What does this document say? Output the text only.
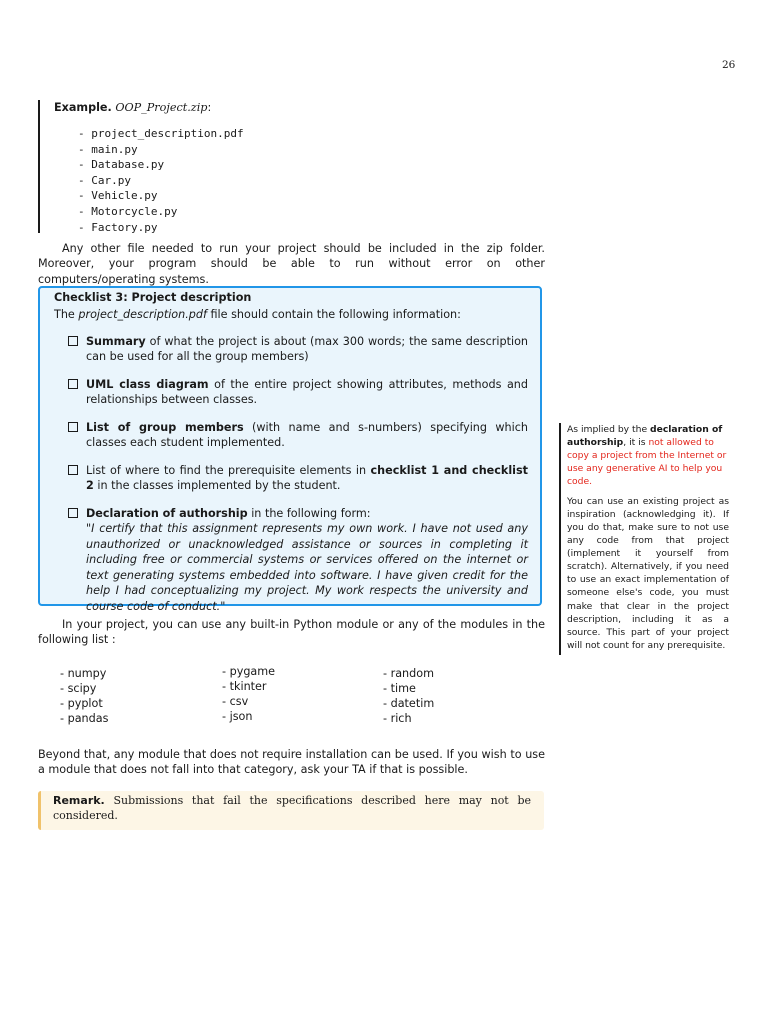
26
Example. OOP_Project.zip:
- project_description.pdf
- main.py
- Database.py
- Car.py
- Vehicle.py
- Motorcycle.py
- Factory.py
Any other file needed to run your project should be included in the zip folder. Moreover, your program should be able to run without error on other computers/operating systems.
Checklist 3: Project description
The project_description.pdf file should contain the following information:
Summary of what the project is about (max 300 words; the same description can be used for all the group members)
UML class diagram of the entire project showing attributes, methods and relationships between classes.
List of group members (with name and s-numbers) specifying which classes each student implemented.
List of where to find the prerequisite elements in checklist 1 and checklist 2 in the classes implemented by the student.
Declaration of authorship in the following form:
"I certify that this assignment represents my own work. I have not used any unauthorized or unacknowledged assistance or sources in completing it including free or commercial systems or services offered on the internet or text generating systems embedded into software. I have given credit for the help I had conceptualizing my project. My work respects the university and course code of conduct."
In your project, you can use any built-in Python module or any of the modules in the following list :
- numpy
- scipy
- pyplot
- pandas
- pygame
- tkinter
- csv
- json
- random
- time
- datetim
- rich
Beyond that, any module that does not require installation can be used. If you wish to use a module that does not fall into that category, ask your TA if that is possible.
Remark. Submissions that fail the specifications described here may not be considered.
As implied by the declaration of authorship, it is not allowed to copy a project from the Internet or use any generative AI to help you code.
You can use an existing project as inspiration (acknowledging it). If you do that, make sure to not use any code from that project (implement it yourself from scratch). Alternatively, if you need to use an exact implementation of someone else's code, you must make that clear in the project description, including it as a source. This part of your project will not count for any prerequisite.
